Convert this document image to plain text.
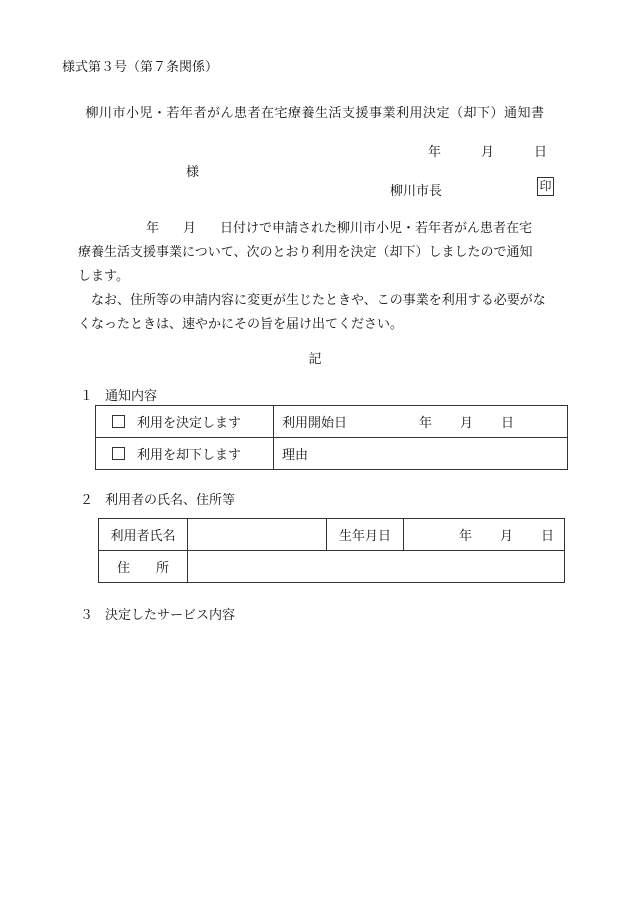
様式第３号（第７条関係）
柳川市小児・若年者がん患者在宅療養生活支援事業利用決定（却下）通知書
年	月	日
様
柳川市長	印

年 月 日付けで申請された柳川市小児・若年者がん患者在宅
療養生活支援事業について、次のとおり利用を決定（却下）しましたので通知
します。

なお、住所等の申請内容に変更が生じたときや、この事業を利用する必要がな
くなったときは、速やかにその旨を届け出てください。

記
１ 通知内容
利用を決定します	利用開始日 年 月 日
利用を却下します	理由
２ 利用者の氏名、住所等
利用者氏名		生年月日	年 月 日
住　　所			
３ 決定したサービス内容
